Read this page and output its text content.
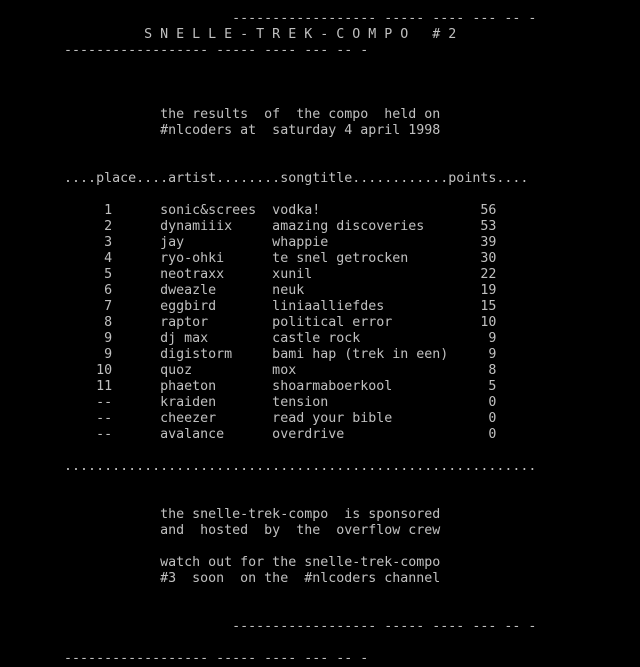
------------------ ----- ---- --- -- -
S N E L L E - T R E K - C O M P O   # 2
------------------ ----- ---- --- -- -
the results  of  the compo  held on
#nlcoders at  saturday 4 april 1998
....place....artist........songtitle............points....
1      sonic&screes  vodka!                    56
2      dynamiiix     amazing discoveries       53
3      jay           whappie                   39
4      ryo-ohki      te snel getrocken         30
5      neotraxx      xunil                     22
6      dweazle       neuk                      19
7      eggbird       liniaalliefdes            15
8      raptor        political error           10
9      dj max        castle rock                9
9      digistorm     bami hap (trek in een)     9
10      quoz          mox                        8
11      phaeton       shoarmaboerkool            5
--      kraiden       tension                    0
--      cheezer       read your bible            0
--      avalance      overdrive                  0
...........................................................
the snelle-trek-compo  is sponsored
and  hosted  by  the  overflow crew
watch out for the snelle-trek-compo
#3  soon  on the  #nlcoders channel
------------------ ----- ---- --- -- -
------------------ ----- ---- --- -- -
